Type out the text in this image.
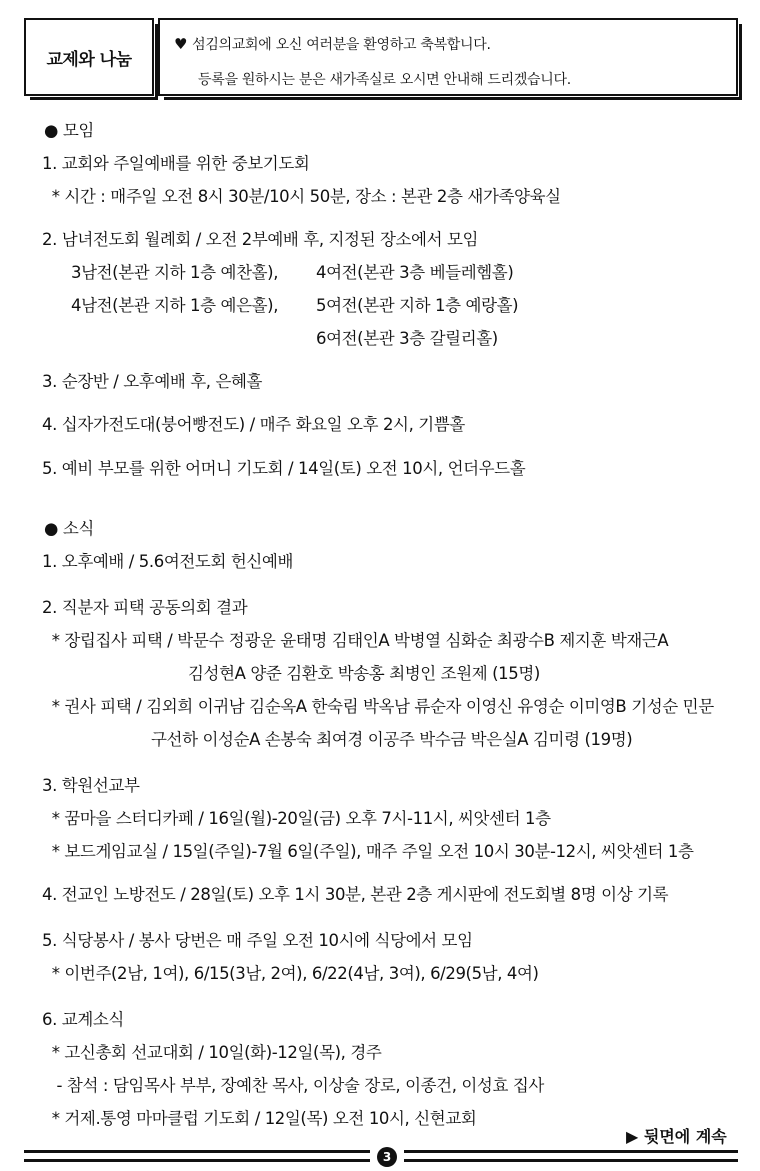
교제와 나눔
♥ 섬김의교회에 오신 여러분을 환영하고 축복합니다.
등록을 원하시는 분은 새가족실로 오시면 안내해 드리겠습니다.
● 모임
1. 교회와 주일예배를 위한 중보기도회
* 시간 : 매주일 오전 8시 30분/10시 50분, 장소 : 본관 2층 새가족양육실
2. 남녀전도회 월례회 / 오전 2부예배 후, 지정된 장소에서 모임
3남전(본관 지하 1층 예찬홀), 4여전(본관 3층 베들레헴홀)
4남전(본관 지하 1층 예은홀), 5여전(본관 지하 1층 예랑홀)
6여전(본관 3층 갈릴리홀)
3. 순장반 / 오후예배 후, 은혜홀
4. 십자가전도대(붕어빵전도) / 매주 화요일 오후 2시, 기쁨홀
5. 예비 부모를 위한 어머니 기도회 / 14일(토) 오전 10시, 언더우드홀
● 소식
1. 오후예배 / 5.6여전도회 헌신예배
2. 직분자 피택 공동의회 결과
* 장립집사 피택 / 박문수 정광운 윤태명 김태인A 박병열 심화순 최광수B 제지훈 박재근A
김성현A 양준 김환호 박송홍 최병인 조원제 (15명)
* 권사 피택 / 김외희 이귀남 김순옥A 한숙림 박옥남 류순자 이영신 유영순 이미영B 기성순 민문
구선하 이성순A 손봉숙 최여경 이공주 박수금 박은실A 김미령 (19명)
3. 학원선교부
* 꿈마을 스터디카페 / 16일(월)-20일(금) 오후 7시-11시, 씨앗센터 1층
* 보드게임교실 / 15일(주일)-7월 6일(주일), 매주 주일 오전 10시 30분-12시, 씨앗센터 1층
4. 전교인 노방전도 / 28일(토) 오후 1시 30분, 본관 2층 게시판에 전도회별 8명 이상 기록
5. 식당봉사 / 봉사 당번은 매 주일 오전 10시에 식당에서 모임
* 이번주(2남, 1여), 6/15(3남, 2여), 6/22(4남, 3여), 6/29(5남, 4여)
6. 교계소식
* 고신총회 선교대회 / 10일(화)-12일(목), 경주
- 참석 : 담임목사 부부, 장예찬 목사, 이상술 장로, 이종건, 이성효 집사
* 거제.통영 마마클럽 기도회 / 12일(목) 오전 10시, 신현교회
▶ 뒷면에 계속
3
